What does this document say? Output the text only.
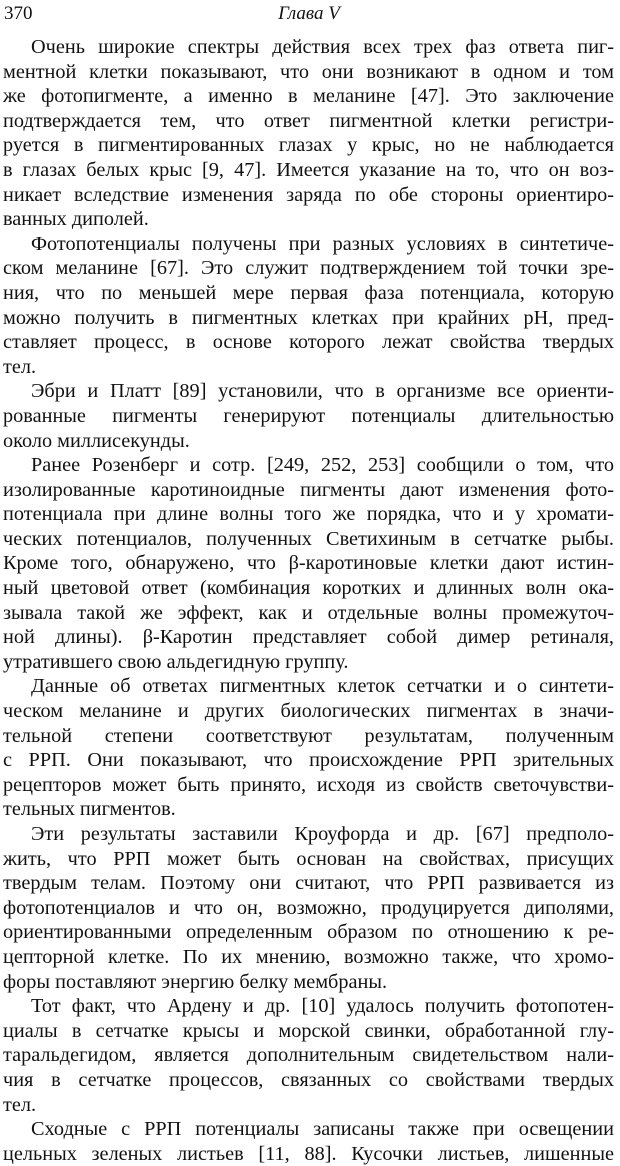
370	Глава V
Очень широкие спектры действия всех трех фаз ответа пиг-
ментной клетки показывают, что они возникают в одном и том
же фотопигменте, а именно в меланине [47]. Это заключение
подтверждается тем, что ответ пигментной клетки регистри-
руется в пигментированных глазах у крыс, но не наблюдается
в глазах белых крыс [9, 47]. Имеется указание на то, что он воз-
никает вследствие изменения заряда по обе стороны ориентиро-
ванных диполей.
Фотопотенциалы получены при разных условиях в синтетиче-
ском меланине [67]. Это служит подтверждением той точки зре-
ния, что по меньшей мере первая фаза потенциала, которую
можно получить в пигментных клетках при крайних pH, пред-
ставляет процесс, в основе которого лежат свойства твердых
тел.
Эбри и Платт [89] установили, что в организме все ориенти-
рованные пигменты генерируют потенциалы длительностью
около миллисекунды.
Ранее Розенберг и сотр. [249, 252, 253] сообщили о том, что
изолированные каротиноидные пигменты дают изменения фото-
потенциала при длине волны того же порядка, что и у хромати-
ческих потенциалов, полученных Светихиным в сетчатке рыбы.
Кроме того, обнаружено, что β-каротиновые клетки дают истин-
ный цветовой ответ (комбинация коротких и длинных волн ока-
зывала такой же эффект, как и отдельные волны промежуточ-
ной длины). β-Каротин представляет собой димер ретиналя,
утратившего свою альдегидную группу.
Данные об ответах пигментных клеток сетчатки и о синтети-
ческом меланине и других биологических пигментах в значи-
тельной степени соответствуют результатам, полученным
с РРП. Они показывают, что происхождение РРП зрительных
рецепторов может быть принято, исходя из свойств светочувстви-
тельных пигментов.
Эти результаты заставили Кроуфорда и др. [67] предполо-
жить, что РРП может быть основан на свойствах, присущих
твердым телам. Поэтому они считают, что РРП развивается из
фотопотенциалов и что он, возможно, продуцируется диполями,
ориентированными определенным образом по отношению к ре-
цепторной клетке. По их мнению, возможно также, что хромо-
форы поставляют энергию белку мембраны.
Тот факт, что Ардену и др. [10] удалось получить фотопотен-
циалы в сетчатке крысы и морской свинки, обработанной глу-
таральдегидом, является дополнительным свидетельством нали-
чия в сетчатке процессов, связанных со свойствами твердых
тел.
Сходные с РРП потенциалы записаны также при освещении
цельных зеленых листьев [11, 88]. Кусочки листьев, лишенные
